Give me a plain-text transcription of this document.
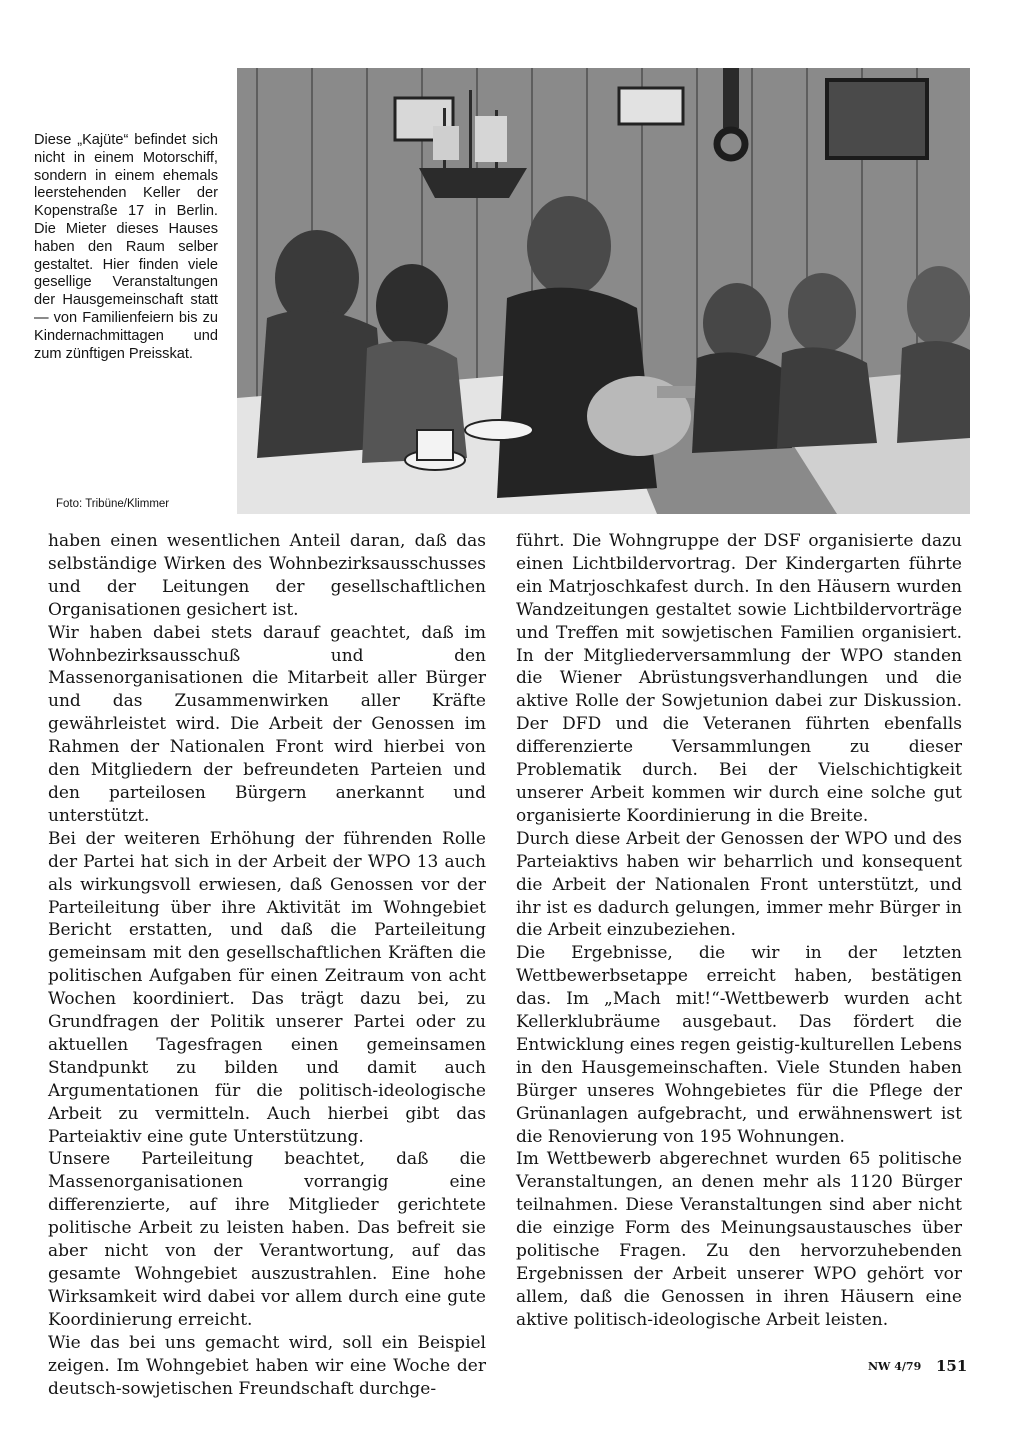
Diese „Kajüte“ befindet sich nicht in einem Motorschiff, sondern in einem ehemals leerstehenden Keller der Kopenstraße 17 in Berlin. Die Mieter dieses Hauses haben den Raum selber gestaltet. Hier finden viele gesellige Veranstaltungen der Hausgemeinschaft statt — von Familienfeiern bis zu Kindernachmittagen und zum zünftigen Preisskat.

Foto: Tribüne/Klimmer

haben einen wesentlichen Anteil daran, daß das selbständige Wirken des Wohnbezirksausschusses und der Leitungen der gesellschaftlichen Organisationen gesichert ist.

Wir haben dabei stets darauf geachtet, daß im Wohnbezirksausschuß und den Massenorganisationen die Mitarbeit aller Bürger und das Zusammenwirken aller Kräfte gewährleistet wird. Die Arbeit der Genossen im Rahmen der Nationalen Front wird hierbei von den Mitgliedern der befreundeten Parteien und den parteilosen Bürgern anerkannt und unterstützt.

Bei der weiteren Erhöhung der führenden Rolle der Partei hat sich in der Arbeit der WPO 13 auch als wirkungsvoll erwiesen, daß Genossen vor der Parteileitung über ihre Aktivität im Wohngebiet Bericht erstatten, und daß die Parteileitung gemeinsam mit den gesellschaftlichen Kräften die politischen Aufgaben für einen Zeitraum von acht Wochen koordiniert. Das trägt dazu bei, zu Grundfragen der Politik unserer Partei oder zu aktuellen Tagesfragen einen gemeinsamen Standpunkt zu bilden und damit auch Argumentationen für die politisch-ideologische Arbeit zu vermitteln. Auch hierbei gibt das Parteiaktiv eine gute Unterstützung.

Unsere Parteileitung beachtet, daß die Massenorganisationen vorrangig eine differenzierte, auf ihre Mitglieder gerichtete politische Arbeit zu leisten haben. Das befreit sie aber nicht von der Verantwortung, auf das gesamte Wohngebiet auszustrahlen. Eine hohe Wirksamkeit wird dabei vor allem durch eine gute Koordinierung erreicht.

Wie das bei uns gemacht wird, soll ein Beispiel zeigen. Im Wohngebiet haben wir eine Woche der deutsch-sowjetischen Freundschaft durchge-

führt. Die Wohngruppe der DSF organisierte dazu einen Lichtbildervortrag. Der Kindergarten führte ein Matrjoschkafest durch. In den Häusern wurden Wandzeitungen gestaltet sowie Lichtbildervorträge und Treffen mit sowjetischen Familien organisiert. In der Mitgliederversammlung der WPO standen die Wiener Abrüstungsverhandlungen und die aktive Rolle der Sowjetunion dabei zur Diskussion. Der DFD und die Veteranen führten ebenfalls differenzierte Versammlungen zu dieser Problematik durch. Bei der Vielschichtigkeit unserer Arbeit kommen wir durch eine solche gut organisierte Koordinierung in die Breite.

Durch diese Arbeit der Genossen der WPO und des Parteiaktivs haben wir beharrlich und konsequent die Arbeit der Nationalen Front unterstützt, und ihr ist es dadurch gelungen, immer mehr Bürger in die Arbeit einzubeziehen.

Die Ergebnisse, die wir in der letzten Wettbewerbsetappe erreicht haben, bestätigen das. Im „Mach mit!“-Wettbewerb wurden acht Kellerklubräume ausgebaut. Das fördert die Entwicklung eines regen geistig-kulturellen Lebens in den Hausgemeinschaften. Viele Stunden haben Bürger unseres Wohngebietes für die Pflege der Grünanlagen aufgebracht, und erwähnenswert ist die Renovierung von 195 Wohnungen.

Im Wettbewerb abgerechnet wurden 65 politische Veranstaltungen, an denen mehr als 1120 Bürger teilnahmen. Diese Veranstaltungen sind aber nicht die einzige Form des Meinungsaustausches über politische Fragen. Zu den hervorzuhebenden Ergebnissen der Arbeit unserer WPO gehört vor allem, daß die Genossen in ihren Häusern eine aktive politisch-ideologische Arbeit leisten.

NW 4/79 151
